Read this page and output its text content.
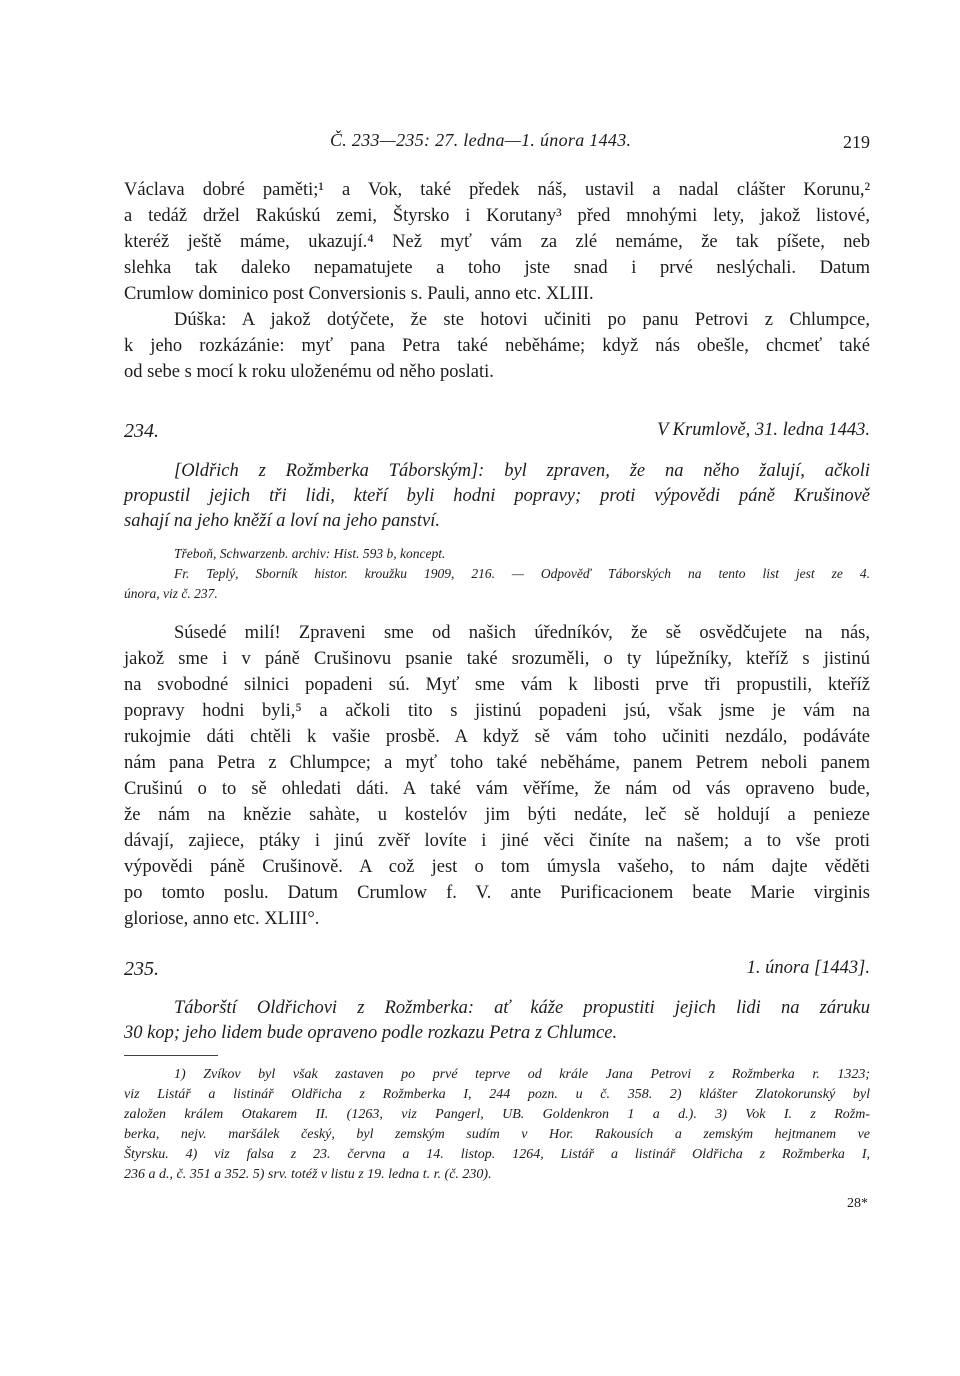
Č. 233—235: 27. ledna—1. února 1443.	219
Václava dobré paměti;¹ a Vok, také předek náš, ustavil a nadal clášter Korunu,²
a tedáž držel Rakúskú zemi, Štyrsko i Korutany³ před mnohými lety, jakož listové,
kteréž ještě máme, ukazují.⁴ Než myť vám za zlé nemáme, že tak píšete, neb
slehka tak daleko nepamatujete a toho jste snad i prvé neslýchali. Datum
Crumlow dominico post Conversionis s. Pauli, anno etc. XLIII.
Dúška: A jakož dotýčete, že ste hotovi učiniti po panu Petrovi z Chlumpce,
k jeho rozkázánie: myť pana Petra také neběháme; když nás obešle, chcmeť také
od sebe s mocí k roku uloženému od něho poslati.
234.	V Krumlově, 31. ledna 1443.
[Oldřich z Rožmberka Táborským]: byl zpraven, že na něho žalují, ačkoli
propustil jejich tři lidi, kteří byli hodni popravy; proti výpovědi páně Krušinově
sahají na jeho kněží a loví na jeho panství.
Třeboň, Schwarzenb. archiv: Hist. 593 b, koncept.
Fr. Teplý, Sborník histor. kroužku 1909, 216. — Odpověď Táborských na tento list jest ze 4.
února, viz č. 237.
Súsedé milí! Zpraveni sme od našich úředníkóv, že sě osvědčujete na nás,
jakož sme i v páně Crušinovu psanie také srozuměli, o ty lúpežníky, kteříž s jistinú
na svobodné silnici popadeni sú. Myť sme vám k libosti prve tři propustili, kteříž
popravy hodni byli,⁵ a ačkoli tito s jistinú popadeni jsú, však jsme je vám na
rukojmie dáti chtěli k vašie prosbě. A když sě vám toho učiniti nezdálo, podáváte
nám pana Petra z Chlumpce; a myť toho také neběháme, panem Petrem neboli panem
Crušinú o to sě ohledati dáti. A také vám věříme, že nám od vás opraveno bude,
že nám na knězie sahàte, u kostelóv jim býti nedáte, leč sě holdují a penieze
dávají, zajiece, ptáky i jinú zvěř lovíte i jiné věci činíte na našem; a to vše proti
výpovědi páně Crušinově. A což jest o tom úmysla vašeho, to nám dajte věděti
po tomto poslu. Datum Crumlow f. V. ante Purificacionem beate Marie virginis
gloriose, anno etc. XLIII°.
235.	1. února [1443].
Táborští Oldřichovi z Rožmberka: ať káže propustiti jejich lidi na záruku
30 kop; jeho lidem bude opraveno podle rozkazu Petra z Chlumce.
1) Zvíkov byl však zastaven po prvé teprve od krále Jana Petrovi z Rožmberka r. 1323;
viz Listář a listinář Oldřicha z Rožmberka I, 244 pozn. u č. 358. 2) klášter Zlatokorunský byl
založen králem Otakarem II. (1263, viz Pangerl, UB. Goldenkron 1 a d.). 3) Vok I. z Rožm-
berka, nejv. maršálek český, byl zemským sudím v Hor. Rakousích a zemským hejtmanem ve
Štyrsku. 4) viz falsa z 23. června a 14. listop. 1264, Listář a listinář Oldřicha z Rožmberka I,
236 a d., č. 351 a 352. 5) srv. totéž v listu z 19. ledna t. r. (č. 230).
28*
